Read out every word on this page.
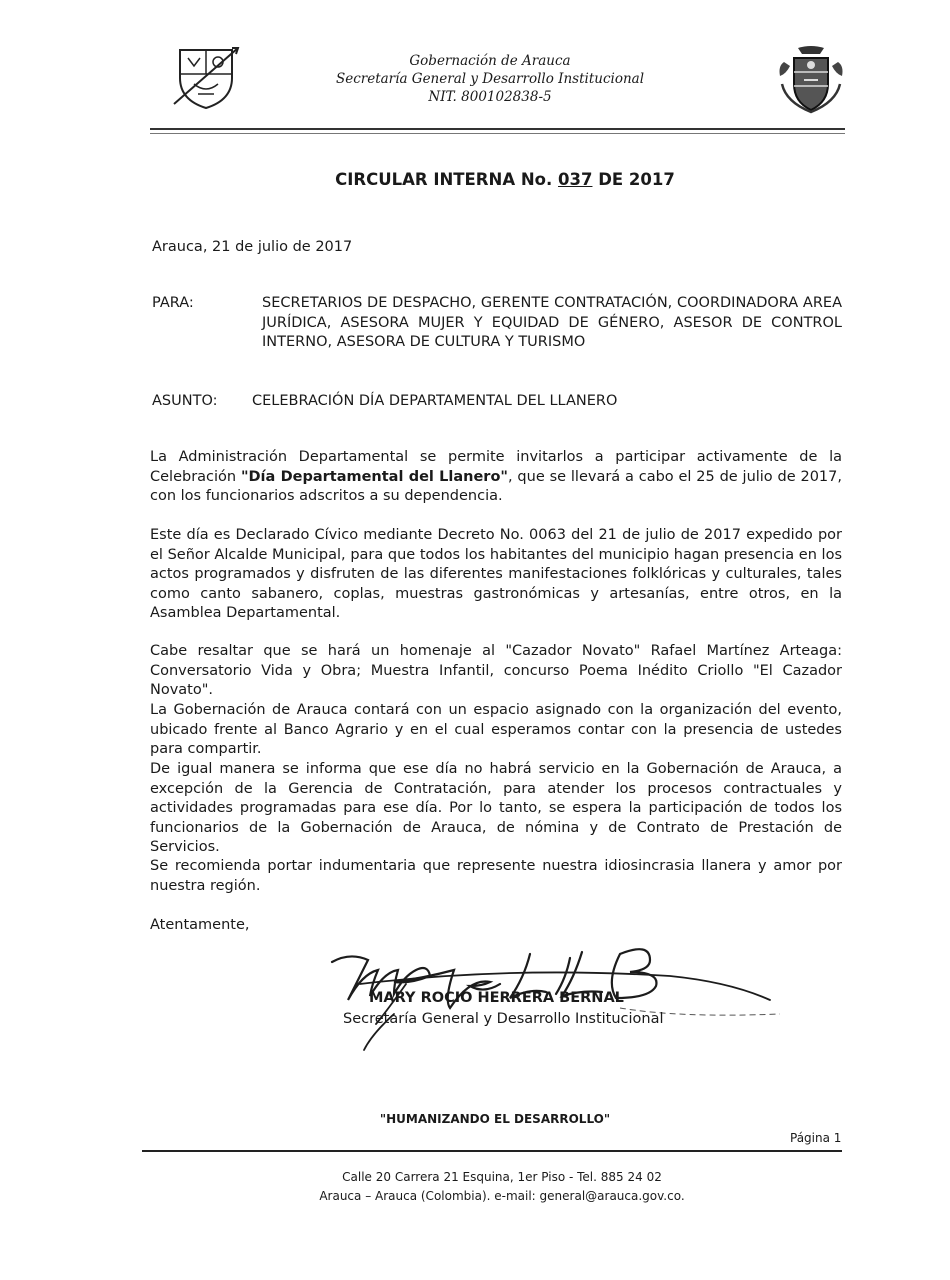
Gobernación de Arauca
Secretaría General y Desarrollo Institucional
NIT. 800102838-5
CIRCULAR INTERNA No. 037 DE 2017
Arauca, 21 de julio de 2017
PARA:	SECRETARIOS DE DESPACHO, GERENTE CONTRATACIÓN, COORDINADORA AREA JURÍDICA, ASESORA MUJER Y EQUIDAD DE GÉNERO, ASESOR DE CONTROL INTERNO, ASESORA DE CULTURA Y TURISMO
ASUNTO: CELEBRACIÓN DÍA DEPARTAMENTAL DEL LLANERO
La Administración Departamental se permite invitarlos a participar activamente de la Celebración "Día Departamental del Llanero", que se llevará a cabo el 25 de julio de 2017, con los funcionarios adscritos a su dependencia.
Este día es Declarado Cívico mediante Decreto No. 0063 del 21 de julio de 2017 expedido por el Señor Alcalde Municipal, para que todos los habitantes del municipio hagan presencia en los actos programados y disfruten de las diferentes manifestaciones folklóricas y culturales, tales como canto sabanero, coplas, muestras gastronómicas y artesanías, entre otros, en la Asamblea Departamental.
Cabe resaltar que se hará un homenaje al "Cazador Novato" Rafael Martínez Arteaga: Conversatorio Vida y Obra; Muestra Infantil, concurso Poema Inédito Criollo "El Cazador Novato".
La Gobernación de Arauca contará con un espacio asignado con la organización del evento, ubicado frente al Banco Agrario y en el cual esperamos contar con la presencia de ustedes para compartir.
De igual manera se informa que ese día no habrá servicio en la Gobernación de Arauca, a excepción de la Gerencia de Contratación, para atender los procesos contractuales y actividades programadas para ese día. Por lo tanto, se espera la participación de todos los funcionarios de la Gobernación de Arauca, de nómina y de Contrato de Prestación de Servicios.
Se recomienda portar indumentaria que represente nuestra idiosincrasia llanera y amor por nuestra región.
Atentamente,
MARY ROCIO HERRERA BERNAL
Secretaría General y Desarrollo Institucional
"HUMANIZANDO EL DESARROLLO"
Página 1
Calle 20 Carrera 21 Esquina, 1er Piso - Tel. 885 24 02
Arauca – Arauca (Colombia). e-mail: general@arauca.gov.co.
